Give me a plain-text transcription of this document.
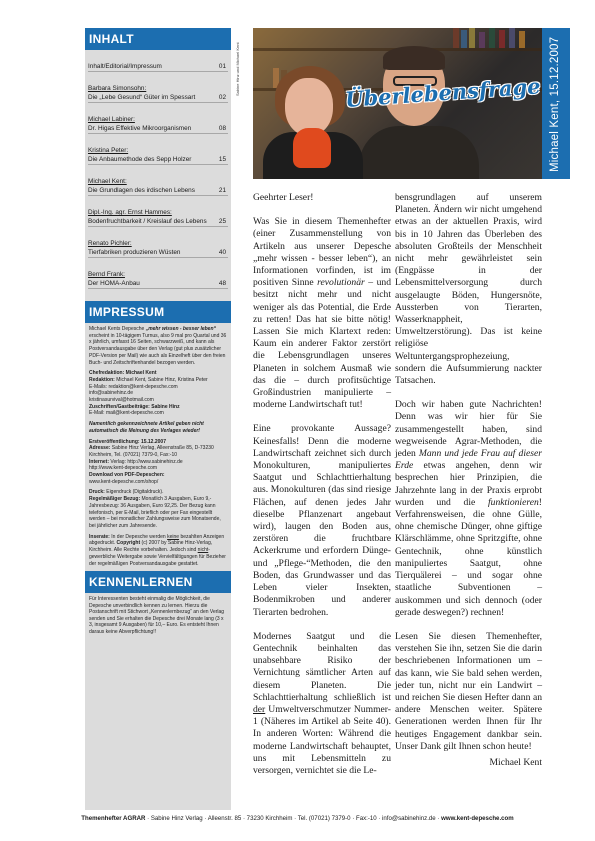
INHALT
Inhalt/Editorial/Impressum	01
Barbara Simonsohn:
Die „Lebe Gesund“ Güter im Spessart	02
Michael Labiner:
Dr. Higas Effektive Mikroorganismen	08
Kristina Peter:
Die Anbaumethode des Sepp Holzer	15
Michael Kent:
Die Grundlagen des irdischen Lebens	21
Dipl.-Ing. agr. Ernst Hammes:
Bodenfruchtbarkeit / Kreislauf des Lebens 25
Renato Pichler:
Tierfabriken produzieren Wüsten	40
Bernd Frank:
Der HOMA-Anbau	48
IMPRESSUM

Michael Kents Depesche „mehr wissen - besser leben“ erscheint in 10-tägigem Turnus, also 9 mal pro Quartal und 36 x jährlich, umfasst 16 Seiten, schwarzweiß, und kann als Postversandausgabe über den Verlag (gut plus zusätzlicher PDF-Version per Mail) wie auch als Einzelheft über den freien Buch- und Zeitschriftenhandel bezogen werden.

Chefredaktion: Michael Kent
Redaktion: Michael Kent, Sabine Hinz, Kristina Peter
E-Mails: redaktion@kent-depesche.com
info@sabinehinz.de
kristinasurvival@hotmail.com
Zuschriften/Gastbeiträge: Sabine Hinz
E-Mail: mail@kent-depesche.com

Namentlich gekennzeichnete Artikel geben nicht automatisch die Meinung des Verlages wieder!

Erstveröffentlichung: 15.12.2007
Adresse: Sabine Hinz Verlag, Alleenstraße 85, D-73230 Kirchheim, Tel. (07021) 7379-0, Fax:-10
Internet: Verlag: http://www.sabinehinz.de
http://www.kent-depesche.com
Download von PDF-Depeschen:
www.kent-depesche.com/shop/

Druck: Eigendruck (Digitaldruck).
Regelmäßiger Bezug: Monatlich 3 Ausgaben, Euro 9,- Jahresbezug: 36 Ausgaben, Euro 92,25. Der Bezug kann telefonisch, per E-Mail, brieflich oder per Fax eingestellt werden – bei monatlicher Zahlungsweise zum Monatsende, bei jährlicher zum Jahresende.

Inserate: In der Depesche werden keine bezahlten Anzeigen abgedruckt. Copyright (c) 2007 by Sabine Hinz-Verlag, Kirchheim. Alle Rechte vorbehalten. Jedoch sind nicht-gewerbliche Weitergabe sowie Vervielfältigungen für Bezieher der regelmäßigen Postversandausgabe gestattet.

KENNENLERNEN
Für Interessenten besteht einmalig die Möglichkeit, die Depesche unverbindlich kennen zu lernen. Hierzu die Postanschrift mit Stichwort „Kennenlernbezug“ an den Verlag senden und Sie erhalten die Depesche drei Monate lang (3 x 3, insgesamt 9 Ausgaben) für 10,– Euro. Es entsteht Ihnen daraus keine Abverpflichtung!!
Sabine Hinz und Michael Kent	Überlebensfrage Michael Kent, 15.12.2007

Geehrter Leser!

Was Sie in diesem Themenhefter (einer Zusammenstellung von Artikeln aus unserer Depesche „mehr wissen - besser leben“), an Informationen vorfinden, ist im positiven Sinne revolutionär – und besitzt nicht mehr und nicht weniger als das Potential, die Erde zu retten! Das hat sie bitte nötig! Lassen Sie mich Klartext reden: Kaum ein anderer Faktor zerstört die Lebensgrundlagen unseres Planeten in solchem Ausmaß wie das die – durch profitsüchtige Großindustrien manipulierte – moderne Landwirtschaft tut!

Eine provokante Aussage? Keinesfalls! Denn die moderne Landwirtschaft zeichnet sich durch Monokulturen, manipuliertes Saatgut und Schlachttierhaltung aus. Monokulturen (das sind riesige Flächen, auf denen jedes Jahr dieselbe Pflanzenart angebaut wird), laugen den Boden aus, zerstören die fruchtbare Ackerkrume und erfordern Dünge- und „Pflege-“Methoden, die den Boden, das Grundwasser und das Leben vieler Insekten, Bodenmikroben und anderer Tierarten bedrohen.

Modernes Saatgut und die Gentechnik beinhalten das unabsehbare Risiko der Vernichtung sämtlicher Arten auf diesem Planeten. Die Schlachttierhaltung schließlich ist der Umweltverschmutzer Nummer-1 (Näheres im Artikel ab Seite 40). In anderen Worten: Während die moderne Landwirtschaft behauptet, uns mit Lebensmitteln zu versorgen, vernichtet sie die Le-

bensgrundlagen auf unserem Planeten. Ändern wir nicht umgehend etwas an der aktuellen Praxis, wird bis in 10 Jahren das Überleben des absoluten Großteils der Menschheit nicht mehr gewährleistet sein (Engpässe in der Lebensmittelversorgung durch ausgelaugte Böden, Hungersnöte, Aussterben von Tierarten, Wasserknappheit, Umweltzerstörung). Das ist keine religiöse Weltuntergangsprophezeiung, sondern die Aufsummierung nackter Tatsachen.

Doch wir haben gute Nachrichten! Denn was wir hier für Sie zusammengestellt haben, sind wegweisende Agrar-Methoden, die jeden Mann und jede Frau auf dieser Erde etwas angehen, denn wir besprechen hier Prinzipien, die Jahrzehnte lang in der Praxis erprobt wurden und die funktionieren! Verfahrensweisen, die ohne Gülle, ohne chemische Dünger, ohne giftige Klärschlämme, ohne Spritzgifte, ohne Gentechnik, ohne künstlich manipuliertes Saatgut, ohne Tierquälerei – und sogar ohne staatliche Subventionen – auskommen und sich dennoch (oder gerade deswegen?) rechnen!

Lesen Sie diesen Themenhefter, verstehen Sie ihn, setzen Sie die darin beschriebenen Informationen um – das kann, wie Sie bald sehen werden, jeder tun, nicht nur ein Landwirt – und reichen Sie diesen Hefter dann an andere Menschen weiter. Spätere Generationen werden Ihnen für Ihr heutiges Engagement dankbar sein. Unser Dank gilt Ihnen schon heute!

Michael Kent

Themenhefter AGRAR · Sabine Hinz Verlag · Alleenstr. 85 · 73230 Kirchheim · Tel. (07021) 7379-0 · Fax:-10 · info@sabinehinz.de · www.kent-depesche.com
